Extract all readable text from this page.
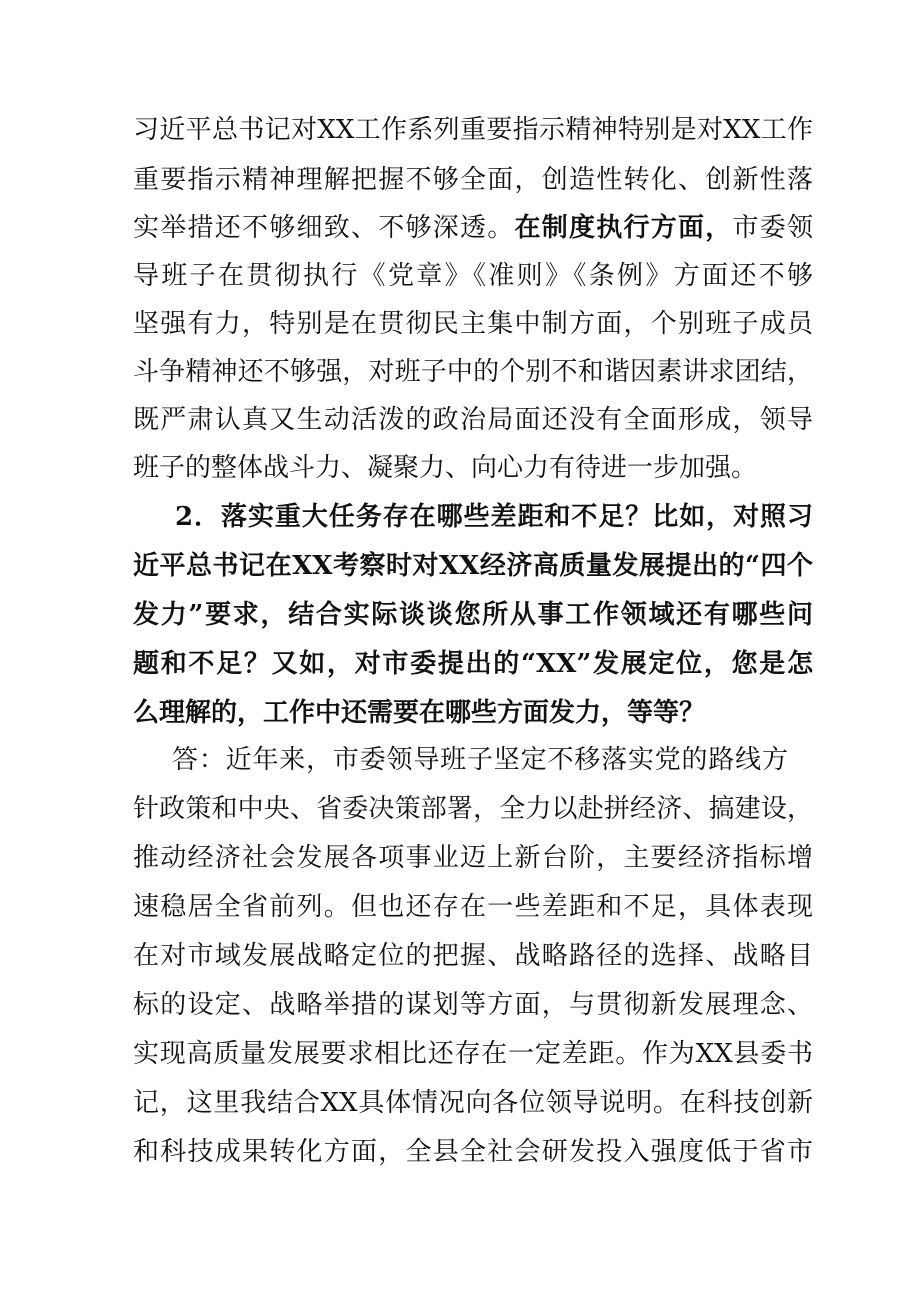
习近平总书记对XX工作系列重要指示精神特别是对XX工作
重要指示精神理解把握不够全面，创造性转化、创新性落
实举措还不够细致、不够深透。在制度执行方面，市委领
导班子在贯彻执行《党章》《准则》《条例》方面还不够
坚强有力，特别是在贯彻民主集中制方面，个别班子成员
斗争精神还不够强，对班子中的个别不和谐因素讲求团结，
既严肃认真又生动活泼的政治局面还没有全面形成，领导
班子的整体战斗力、凝聚力、向心力有待进一步加强。
2．落实重大任务存在哪些差距和不足？比如，对照习
近平总书记在XX考察时对XX经济高质量发展提出的“四个
发力”要求，结合实际谈谈您所从事工作领域还有哪些问
题和不足？又如，对市委提出的“XX”发展定位，您是怎
么理解的，工作中还需要在哪些方面发力，等等？
答：近年来，市委领导班子坚定不移落实党的路线方
针政策和中央、省委决策部署，全力以赴拼经济、搞建设，
推动经济社会发展各项事业迈上新台阶，主要经济指标增
速稳居全省前列。但也还存在一些差距和不足，具体表现
在对市域发展战略定位的把握、战略路径的选择、战略目
标的设定、战略举措的谋划等方面，与贯彻新发展理念、
实现高质量发展要求相比还存在一定差距。作为XX县委书
记，这里我结合XX具体情况向各位领导说明。在科技创新
和科技成果转化方面，全县全社会研发投入强度低于省市
